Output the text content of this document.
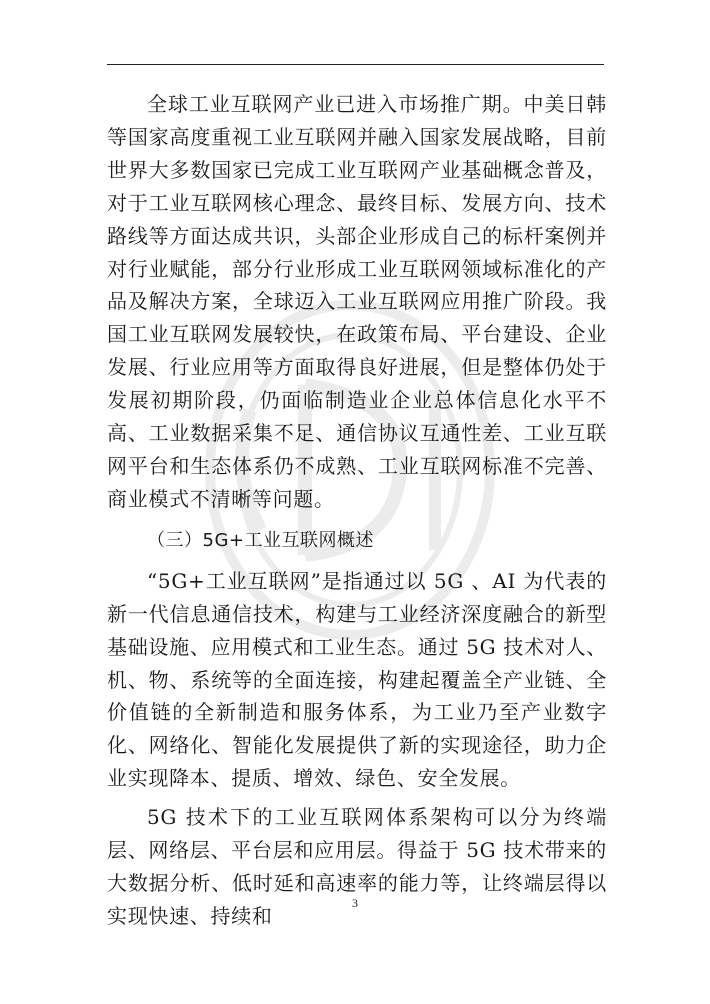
全球工业互联网产业已进入市场推广期。中美日韩等国家高度重视工业互联网并融入国家发展战略，目前世界大多数国家已完成工业互联网产业基础概念普及，对于工业互联网核心理念、最终目标、发展方向、技术路线等方面达成共识，头部企业形成自己的标杆案例并对行业赋能，部分行业形成工业互联网领域标准化的产品及解决方案，全球迈入工业互联网应用推广阶段。我国工业互联网发展较快，在政策布局、平台建设、企业发展、行业应用等方面取得良好进展，但是整体仍处于发展初期阶段，仍面临制造业企业总体信息化水平不高、工业数据采集不足、通信协议互通性差、工业互联网平台和生态体系仍不成熟、工业互联网标准不完善、商业模式不清晰等问题。

（三）5G+工业互联网概述

“5G+工业互联网”是指通过以 5G 、AI 为代表的新一代信息通信技术，构建与工业经济深度融合的新型基础设施、应用模式和工业生态。通过 5G 技术对人、机、物、系统等的全面连接，构建起覆盖全产业链、全价值链的全新制造和服务体系，为工业乃至产业数字化、网络化、智能化发展提供了新的实现途径，助力企业实现降本、提质、增效、绿色、安全发展。

5G 技术下的工业互联网体系架构可以分为终端层、网络层、平台层和应用层。得益于 5G 技术带来的大数据分析、低时延和高速率的能力等，让终端层得以实现快速、持续和

3
